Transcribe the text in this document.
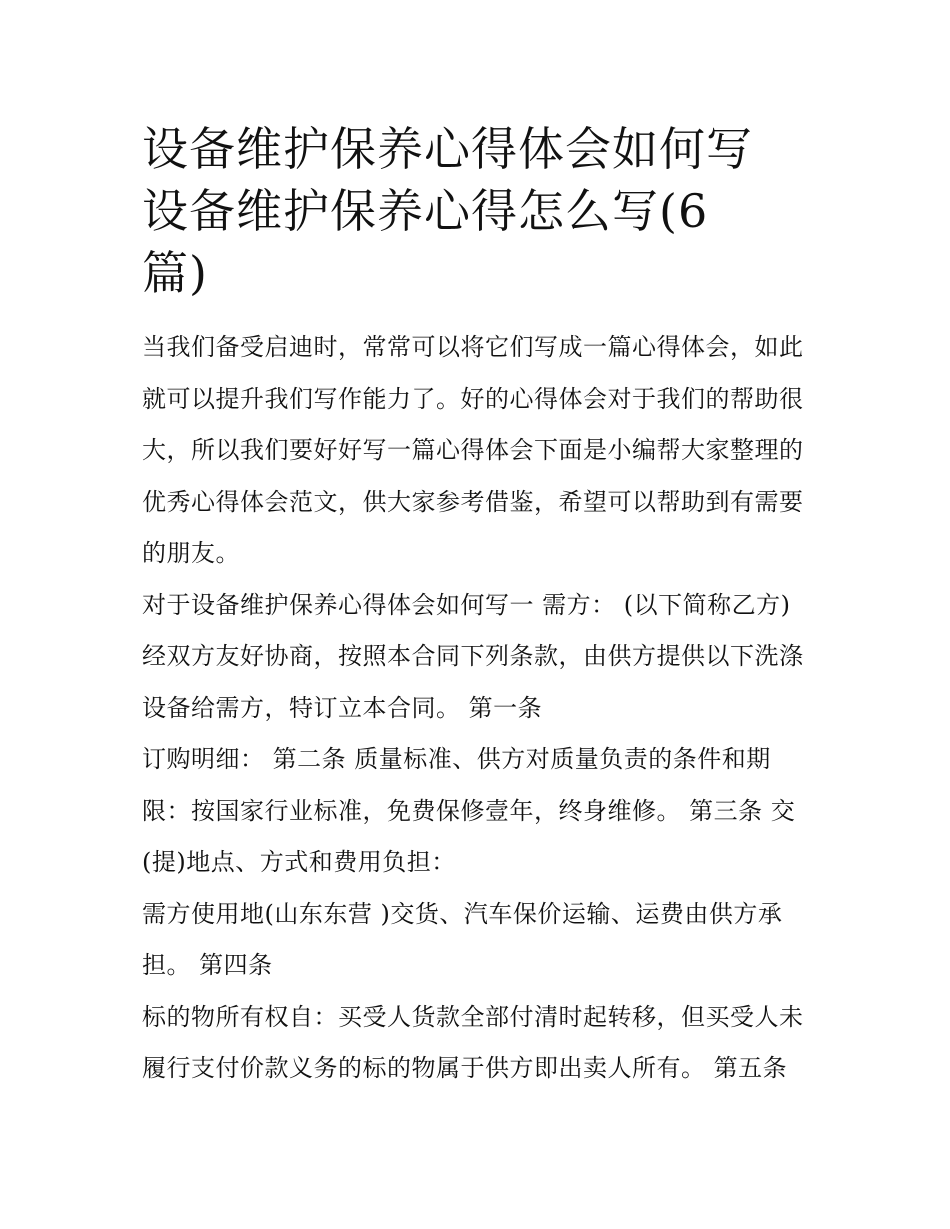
设备维护保养心得体会如何写
设备维护保养心得怎么写(6
篇)

当我们备受启迪时，常常可以将它们写成一篇心得体会，如此
就可以提升我们写作能力了。好的心得体会对于我们的帮助很
大，所以我们要好好写一篇心得体会下面是小编帮大家整理的
优秀心得体会范文，供大家参考借鉴，希望可以帮助到有需要
的朋友。

对于设备维护保养心得体会如何写一 需方： (以下简称乙方)
经双方友好协商，按照本合同下列条款，由供方提供以下洗涤
设备给需方，特订立本合同。 第一条

订购明细： 第二条 质量标准、供方对质量负责的条件和期
限：按国家行业标准，免费保修壹年，终身维修。 第三条 交
(提)地点、方式和费用负担：

需方使用地(山东东营 )交货、汽车保价运输、运费由供方承
担。 第四条

标的物所有权自：买受人货款全部付清时起转移，但买受人未
履行支付价款义务的标的物属于供方即出卖人所有。 第五条
